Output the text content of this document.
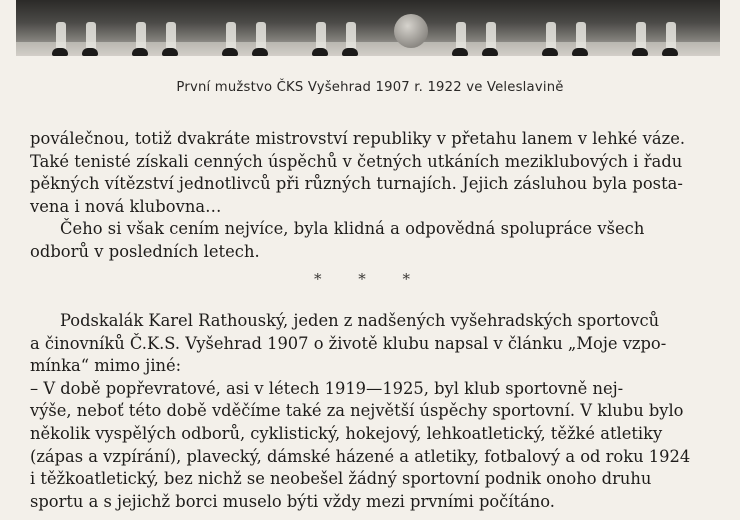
První mužstvo ČKS Vyšehrad 1907 r. 1922 ve Veleslavině
poválečnou, totiž dvakráte mistrovství republiky v přetahu lanem v lehké váze.
Také tenisté získali cenných úspěchů v četných utkáních meziklubových i řadu
pěkných vítězství jednotlivců při různých turnajích. Jejich zásluhou byla posta-
vena i nová klubovna…
Čeho si však cením nejvíce, byla klidná a odpovědná spolupráce všech
odborů v posledních letech.
* * *
Podskalák Karel Rathouský, jeden z nadšených vyšehradských sportovců
a činovníků Č.K.S. Vyšehrad 1907 o životě klubu napsal v článku „Moje vzpo-
mínka“ mimo jiné:
– V době popřevratové, asi v létech 1919—1925, byl klub sportovně nej-
výše, neboť této době vděčíme také za největší úspěchy sportovní. V klubu bylo
několik vyspělých odborů, cyklistický, hokejový, lehkoatletický, těžké atletiky
(zápas a vzpírání), plavecký, dámské házené a atletiky, fotbalový a od roku 1924
i těžkoatletický, bez nichž se neobešel žádný sportovní podnik onoho druhu
sportu a s jejichž borci muselo býti vždy mezi prvními počítáno.
